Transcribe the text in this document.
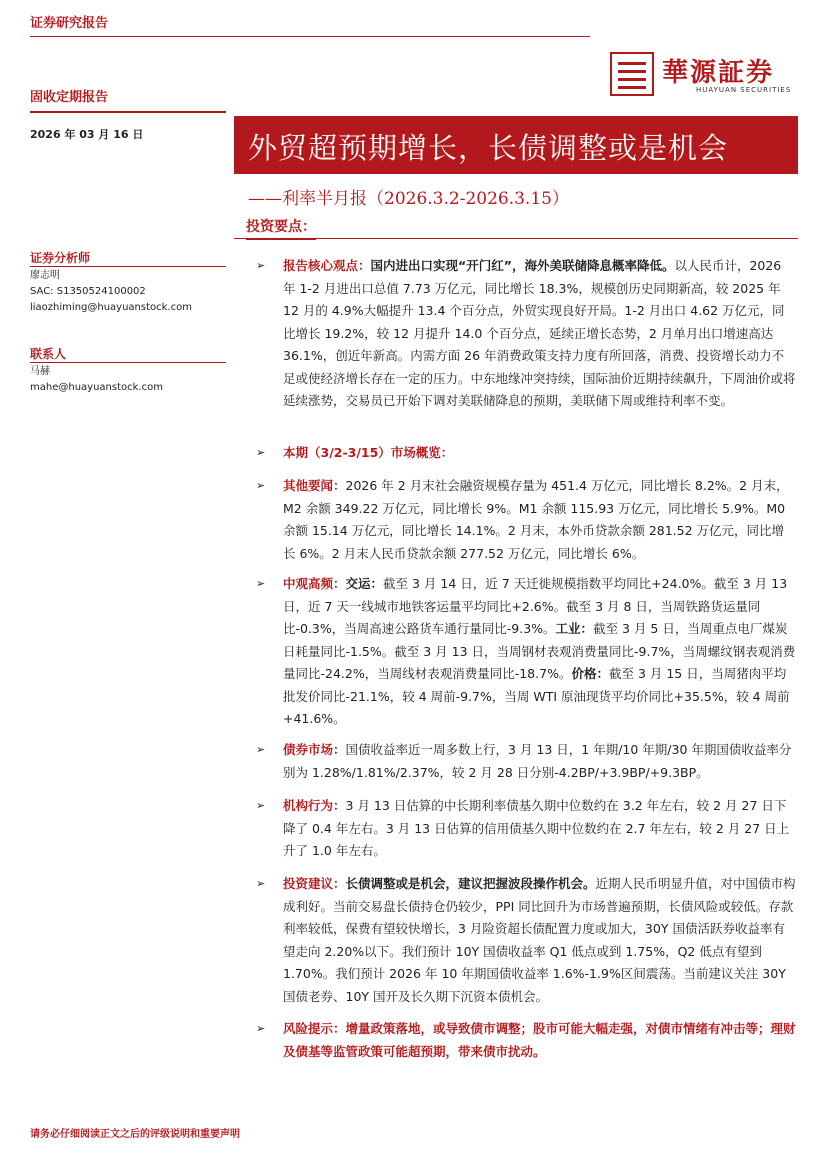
证券研究报告
固收定期报告
華源証券
HUAYUAN SECURITIES
2026 年 03 月 16 日
证券分析师
廖志明
SAC: S1350524100002
liaozhiming@huayuanstock.com
联系人
马赫
mahe@huayuanstock.com
外贸超预期增长，长债调整或是机会
——利率半月报（2026.3.2-2026.3.15）
投资要点：
➢ 报告核心观点：国内进出口实现“开门红”，海外美联储降息概率降低。以人民币计，2026 年 1-2 月进出口总值 7.73 万亿元，同比增长 18.3%，规模创历史同期新高，较 2025 年 12 月的 4.9%大幅提升 13.4 个百分点，外贸实现良好开局。1-2 月出口 4.62 万亿元，同比增长 19.2%，较 12 月提升 14.0 个百分点，延续正增长态势，2 月单月出口增速高达 36.1%，创近年新高。内需方面 26 年消费政策支持力度有所回落，消费、投资增长动力不足或使经济增长存在一定的压力。中东地缘冲突持续，国际油价近期持续飙升，下周油价或将延续涨势，交易员已开始下调对美联储降息的预期，美联储下周或维持利率不变。
➢ 本期（3/2-3/15）市场概览：
➢ 其他要闻：2026 年 2 月末社会融资规模存量为 451.4 万亿元，同比增长 8.2%。2 月末，M2 余额 349.22 万亿元，同比增长 9%。M1 余额 115.93 万亿元，同比增长 5.9%。M0 余额 15.14 万亿元，同比增长 14.1%。2 月末，本外币贷款余额 281.52 万亿元，同比增长 6%。2 月末人民币贷款余额 277.52 万亿元，同比增长 6%。
➢ 中观高频：交运：截至 3 月 14 日，近 7 天迁徙规模指数平均同比+24.0%。截至 3 月 13 日，近 7 天一线城市地铁客运量平均同比+2.6%。截至 3 月 8 日，当周铁路货运量同比-0.3%，当周高速公路货车通行量同比-9.3%。工业：截至 3 月 5 日，当周重点电厂煤炭日耗量同比-1.5%。截至 3 月 13 日，当周钢材表观消费量同比-9.7%，当周螺纹钢表观消费量同比-24.2%，当周线材表观消费量同比-18.7%。价格：截至 3 月 15 日，当周猪肉平均批发价同比-21.1%，较 4 周前-9.7%，当周 WTI 原油现货平均价同比+35.5%，较 4 周前+41.6%。
➢ 债券市场：国债收益率近一周多数上行，3 月 13 日，1 年期/10 年期/30 年期国债收益率分别为 1.28%/1.81%/2.37%，较 2 月 28 日分别-4.2BP/+3.9BP/+9.3BP。
➢ 机构行为：3 月 13 日估算的中长期利率债基久期中位数约在 3.2 年左右，较 2 月 27 日下降了 0.4 年左右。3 月 13 日估算的信用债基久期中位数约在 2.7 年左右，较 2 月 27 日上升了 1.0 年左右。
➢ 投资建议：长债调整或是机会，建议把握波段操作机会。近期人民币明显升值，对中国债市构成利好。当前交易盘长债持仓仍较少，PPI 同比回升为市场普遍预期，长债风险或较低。存款利率较低，保费有望较快增长，3 月险资超长债配置力度或加大，30Y 国债活跃券收益率有望走向 2.20%以下。我们预计 10Y 国债收益率 Q1 低点或到 1.75%，Q2 低点有望到 1.70%。我们预计 2026 年 10 年期国债收益率 1.6%-1.9%区间震荡。当前建议关注 30Y 国债老券、10Y 国开及长久期下沉资本债机会。
➢ 风险提示：增量政策落地，或导致债市调整；股市可能大幅走强，对债市情绪有冲击等；理财及债基等监管政策可能超预期，带来债市扰动。
请务必仔细阅读正文之后的评级说明和重要声明
